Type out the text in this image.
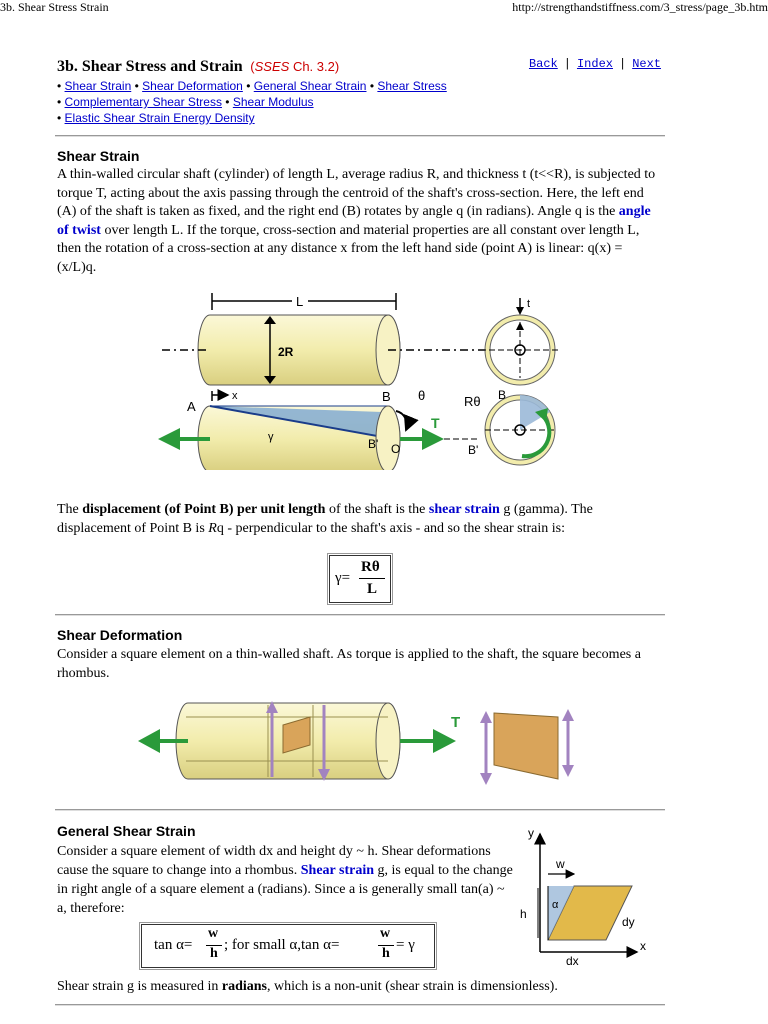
3b. Shear Stress Strain	http://strengthandstiffness.com/3_stress/page_3b.htm
3b. Shear Stress and Strain (SSES Ch. 3.2)	Back | Index | Next
• Shear Strain • Shear Deformation • General Shear Strain • Shear Stress
• Complementary Shear Stress • Shear Modulus
• Elastic Shear Strain Energy Density
Shear Strain

A thin-walled circular shaft (cylinder) of length L, average radius R, and thickness t (t<<R), is subjected to torque T, acting about the axis passing through the centroid of the shaft's cross-section. Here, the left end (A) of the shaft is taken as fixed, and the right end (B) rotates by angle q (in radians). Angle q is the angle of twist over length L. If the torque, cross-section and material properties are all constant over length L, then the rotation of a cross-section at any distance x from the left hand side (point A) is linear: q(x) = (x/L)q.

L
2R
t
x
A
B θ
γ	B' O
T
Rθ B
B'

The displacement (of Point B) per unit length of the shaft is the shear strain g (gamma). The displacement of Point B is Rq - perpendicular to the shaft's axis - and so the shear strain is:

γ=
Rθ
L
Shear Deformation

Consider a square element on a thin-walled shaft. As torque is applied to the shaft, the square becomes a rhombus.

T
General Shear Strain

Consider a square element of width dx and height dy ~ h. Shear deformations cause the square to change into a rhombus. Shear strain g, is equal to the change in right angle of a square element a (radians). Since a is generally small tan(a) ~ a, therefore:

tan α=
w
h
; for small α,tan α=
w
h
= γ
y
x
α
w
h
dy
dx

Shear strain g is measured in radians, which is a non-unit (shear strain is dimensionless).
